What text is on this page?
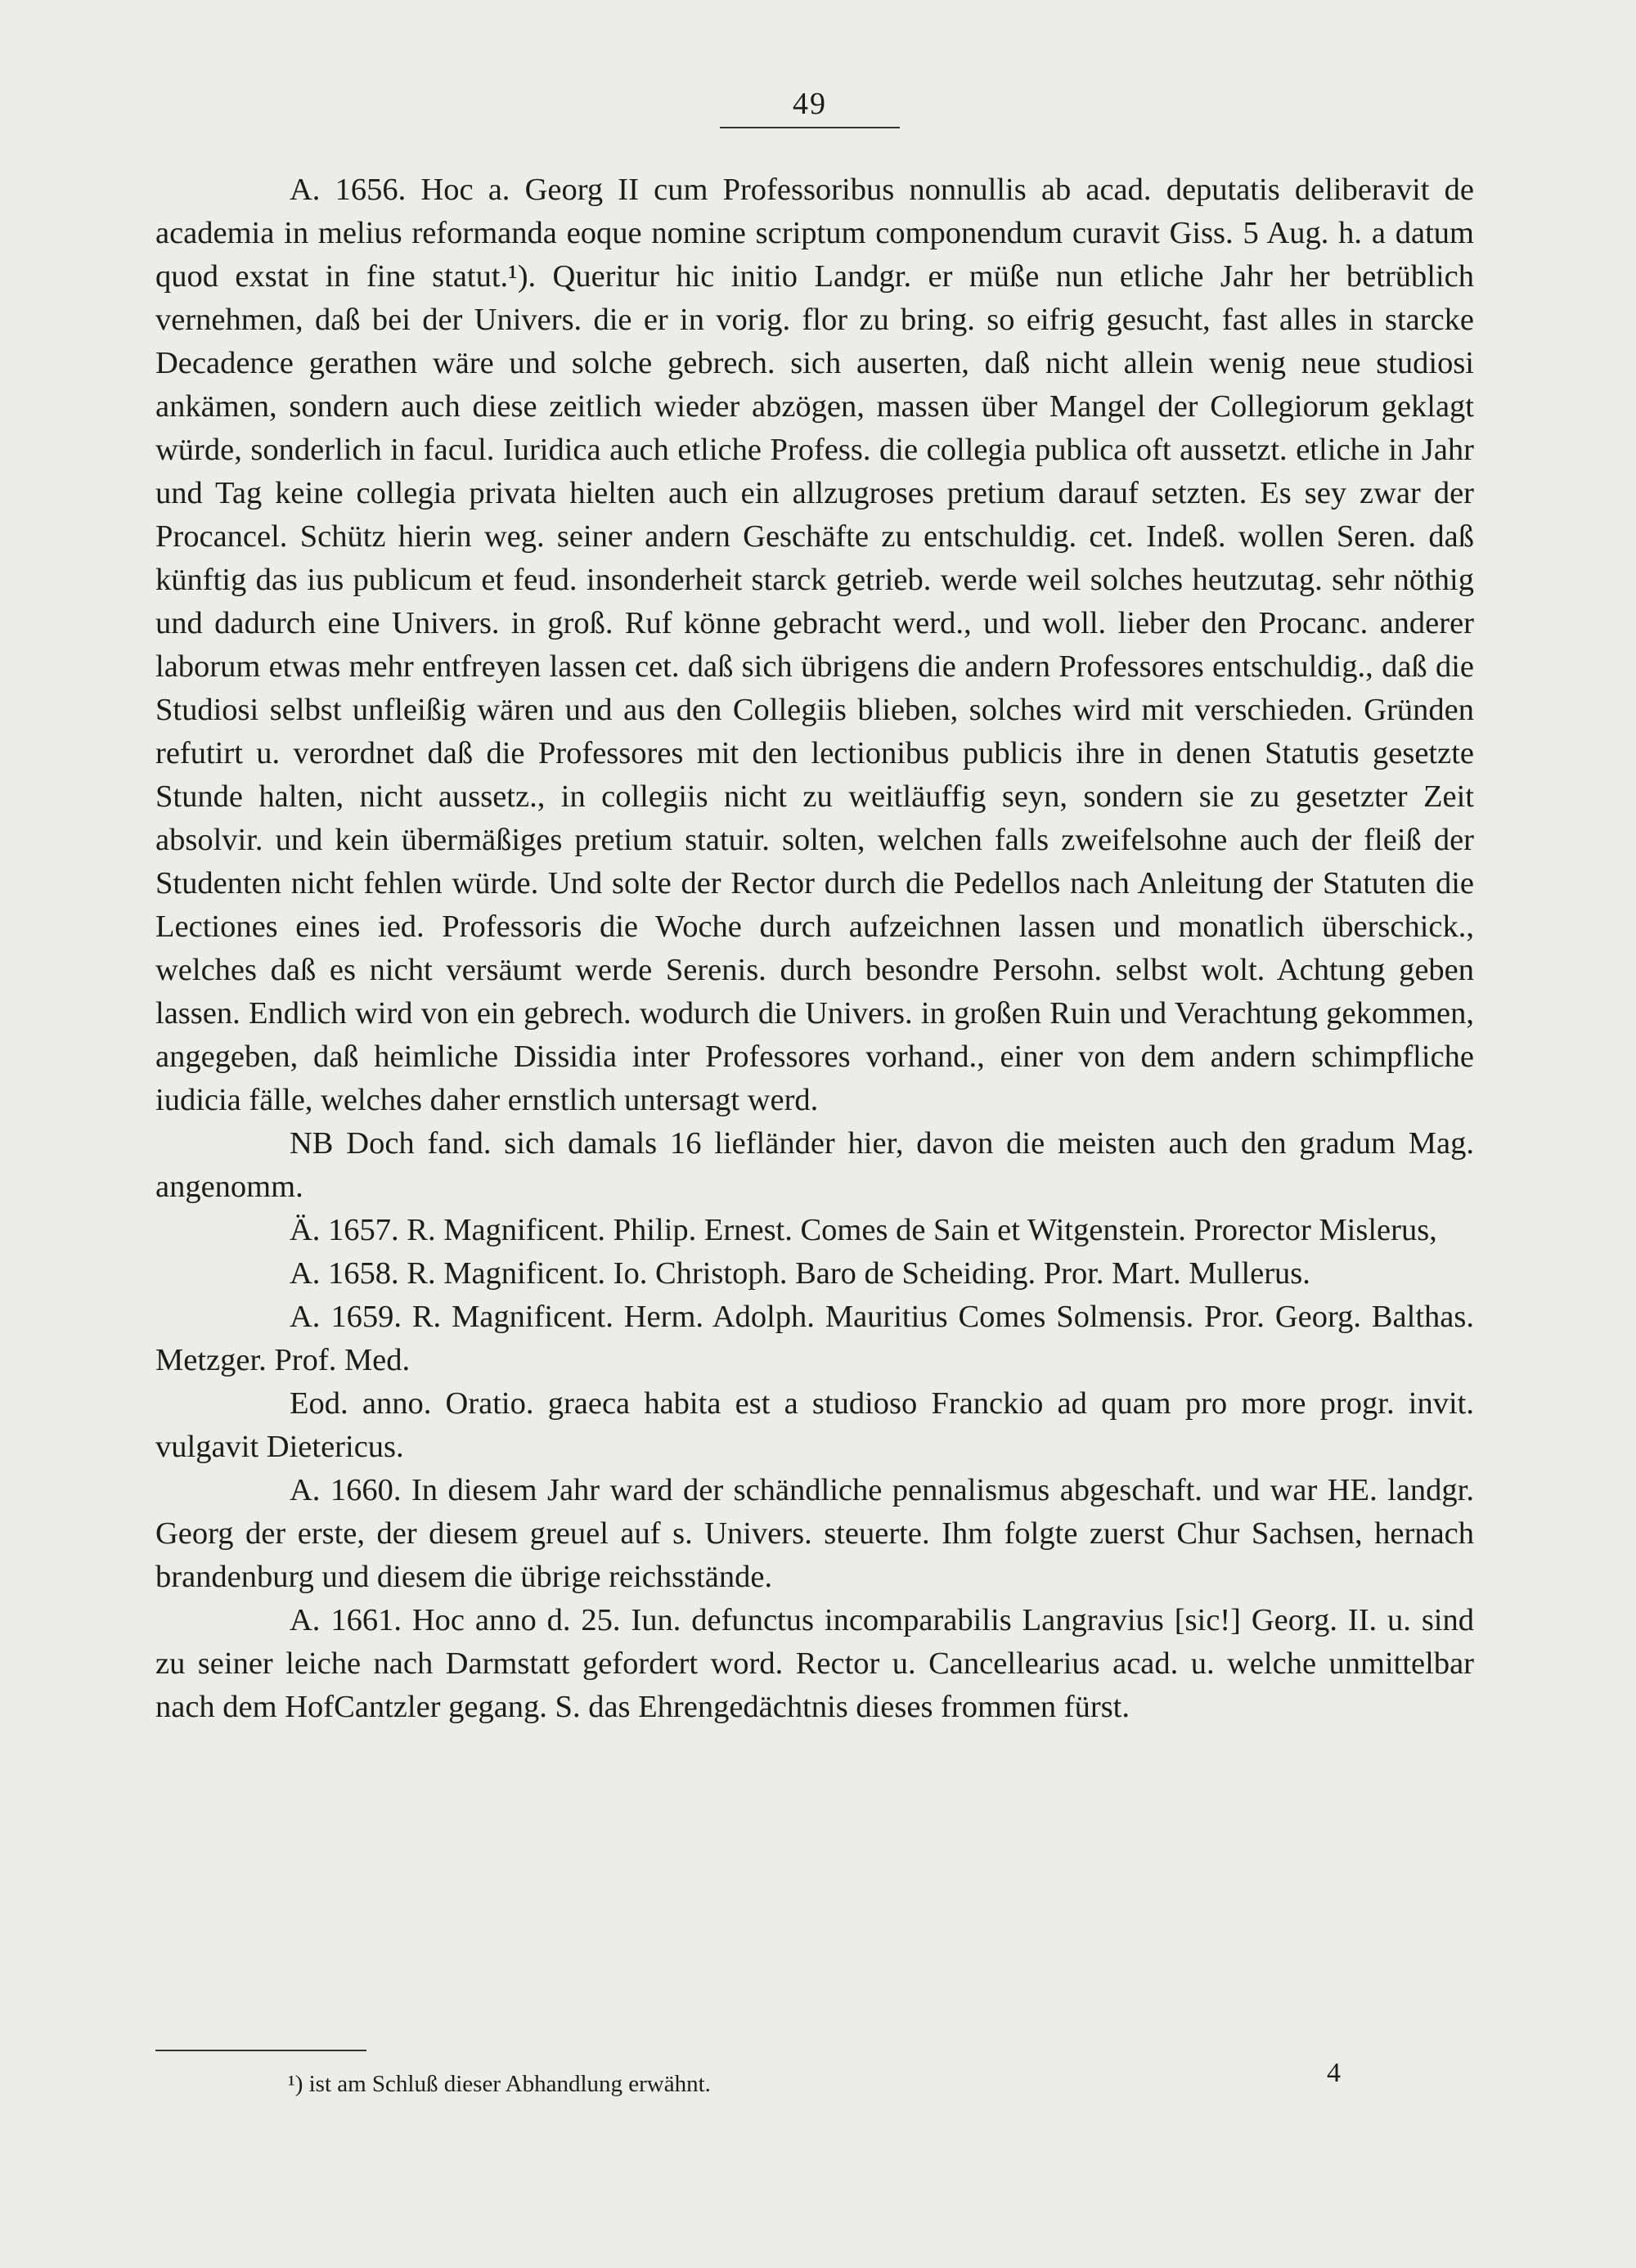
49

A. 1656. Hoc a. Georg II cum Professoribus nonnullis ab acad. deputatis deliberavit de academia in melius reformanda eoque nomine scriptum componendum curavit Giss. 5 Aug. h. a datum quod exstat in fine statut.¹). Queritur hic initio Landgr. er müße nun etliche Jahr her betrüblich vernehmen, daß bei der Univers. die er in vorig. flor zu bring. so eifrig gesucht, fast alles in starcke Decadence gerathen wäre und solche gebrech. sich auserten, daß nicht allein wenig neue studiosi ankämen, sondern auch diese zeitlich wieder abzögen, massen über Mangel der Collegiorum geklagt würde, sonderlich in facul. Iuridica auch etliche Profess. die collegia publica oft aussetzt. etliche in Jahr und Tag keine collegia privata hielten auch ein allzugroses pretium darauf setzten. Es sey zwar der Procancel. Schütz hierin weg. seiner andern Geschäfte zu entschuldig. cet. Indeß. wollen Seren. daß künftig das ius publicum et feud. insonderheit starck getrieb. werde weil solches heutzutag. sehr nöthig und dadurch eine Univers. in groß. Ruf könne gebracht werd., und woll. lieber den Procanc. anderer laborum etwas mehr entfreyen lassen cet. daß sich übrigens die andern Professores entschuldig., daß die Studiosi selbst unfleißig wären und aus den Collegiis blieben, solches wird mit verschieden. Gründen refutirt u. verordnet daß die Professores mit den lectionibus publicis ihre in denen Statutis gesetzte Stunde halten, nicht aussetz., in collegiis nicht zu weitläuffig seyn, sondern sie zu gesetzter Zeit absolvir. und kein übermäßiges pretium statuir. solten, welchen falls zweifelsohne auch der fleiß der Studenten nicht fehlen würde. Und solte der Rector durch die Pedellos nach Anleitung der Statuten die Lectiones eines ied. Professoris die Woche durch aufzeichnen lassen und monatlich überschick., welches daß es nicht versäumt werde Serenis. durch besondre Persohn. selbst wolt. Achtung geben lassen. Endlich wird von ein gebrech. wodurch die Univers. in großen Ruin und Verachtung gekommen, angegeben, daß heimliche Dissidia inter Professores vorhand., einer von dem andern schimpfliche iudicia fälle, welches daher ernstlich untersagt werd.

NB Doch fand. sich damals 16 liefländer hier, davon die meisten auch den gradum Mag. angenomm.

Ä. 1657. R. Magnificent. Philip. Ernest. Comes de Sain et Witgenstein. Prorector Mislerus,

A. 1658. R. Magnificent. Io. Christoph. Baro de Scheiding. Pror. Mart. Mullerus.

A. 1659. R. Magnificent. Herm. Adolph. Mauritius Comes Solmensis. Pror. Georg. Balthas. Metzger. Prof. Med.

Eod. anno. Oratio. graeca habita est a studioso Franckio ad quam pro more progr. invit. vulgavit Dietericus.

A. 1660. In diesem Jahr ward der schändliche pennalismus abgeschaft. und war HE. landgr. Georg der erste, der diesem greuel auf s. Univers. steuerte. Ihm folgte zuerst Chur Sachsen, hernach brandenburg und diesem die übrige reichsstände.

A. 1661. Hoc anno d. 25. Iun. defunctus incomparabilis Langravius [sic!] Georg. II. u. sind zu seiner leiche nach Darmstatt gefordert word. Rector u. Cancellearius acad. u. welche unmittelbar nach dem HofCantzler gegang. S. das Ehrengedächtnis dieses frommen fürst.

¹) ist am Schluß dieser Abhandlung erwähnt.	4
